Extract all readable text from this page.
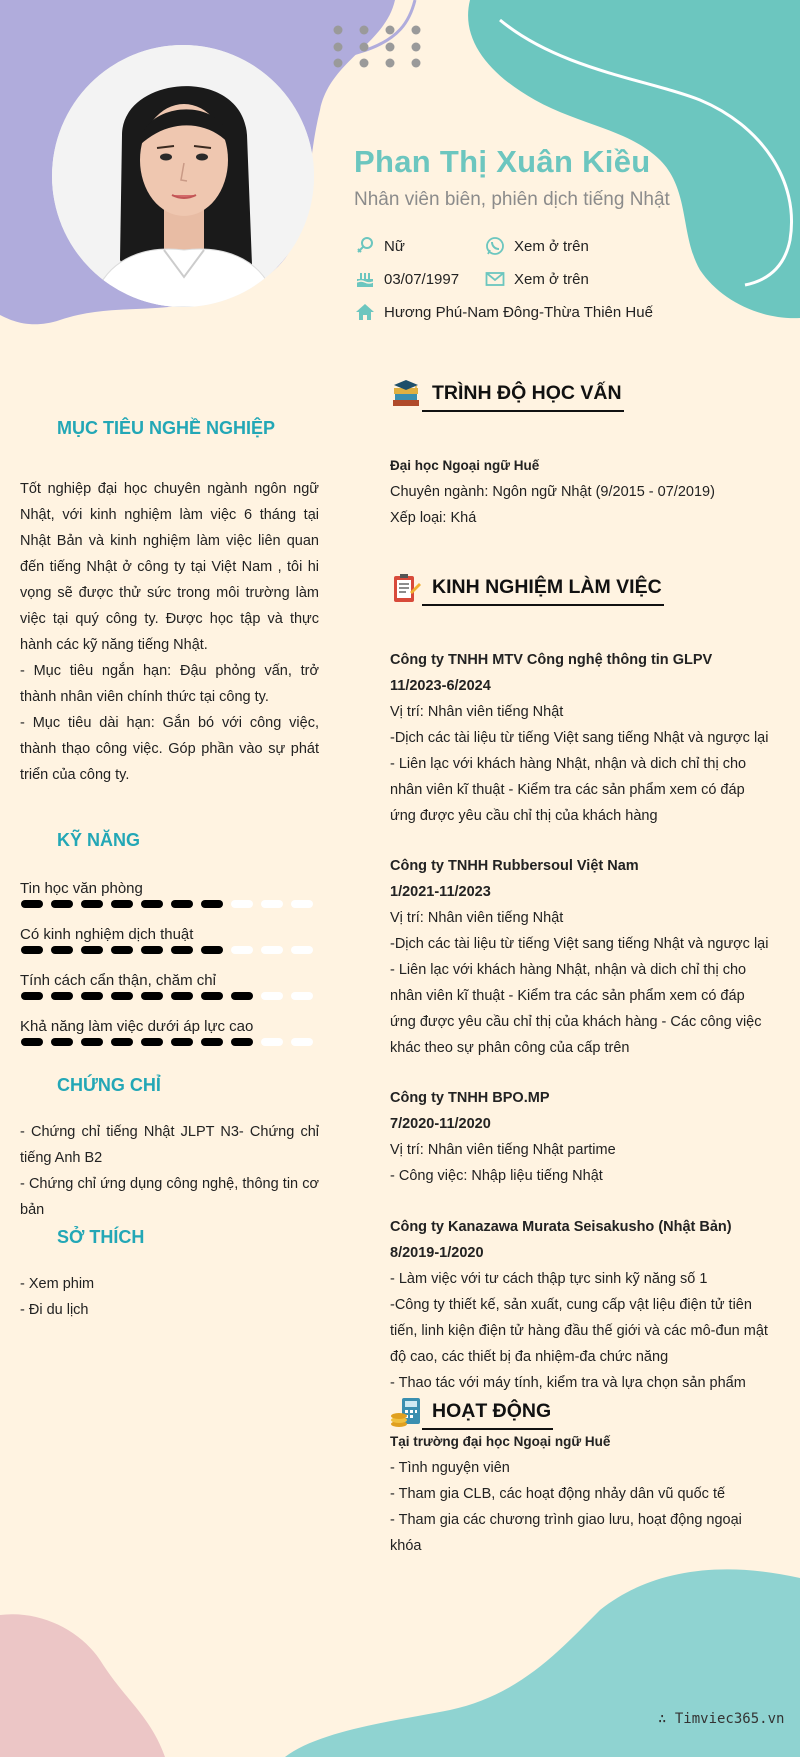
Phan Thị Xuân Kiều
Nhân viên biên, phiên dịch tiếng Nhật
Nữ	Xem ở trên
03/07/1997	Xem ở trên
Hương Phú-Nam Đông-Thừa Thiên Huế
MỤC TIÊU NGHỀ NGHIỆP

Tốt nghiệp đại học chuyên ngành ngôn ngữ Nhật, với kinh nghiệm làm việc 6 tháng tại Nhật Bản và kinh nghiệm làm việc liên quan đến tiếng Nhật ở công ty tại Việt Nam , tôi hi vọng sẽ được thử sức trong môi trường làm việc tại quý công ty. Được học tập và thực hành các kỹ năng tiếng Nhật.

- Mục tiêu ngắn hạn: Đậu phỏng vấn, trở thành nhân viên chính thức tại công ty.

- Mục tiêu dài hạn: Gắn bó với công việc, thành thạo công việc. Góp phần vào sự phát triển của công ty.

KỸ NĂNG
Tin học văn phòng
Có kinh nghiệm dịch thuật
Tính cách cẩn thận, chăm chỉ
Khả năng làm việc dưới áp lực cao
CHỨNG CHỈ

- Chứng chỉ tiếng Nhật JLPT N3- Chứng chỉ tiếng Anh B2

- Chứng chỉ ứng dụng công nghệ, thông tin cơ bản

SỞ THÍCH

- Xem phim

- Đi du lịch

TRÌNH ĐỘ HỌC VẤN

Đại học Ngoại ngữ Huế

Chuyên ngành: Ngôn ngữ Nhật (9/2015 - 07/2019)

Xếp loại: Khá

KINH NGHIỆM LÀM VIỆC

Công ty TNHH MTV Công nghệ thông tin GLPV

11/2023-6/2024

Vị trí: Nhân viên tiếng Nhật

-Dịch các tài liệu từ tiếng Việt sang tiếng Nhật và ngược lại - Liên lạc với khách hàng Nhật, nhận và dich chỉ thị cho nhân viên kĩ thuật - Kiểm tra các sản phẩm xem có đáp ứng được yêu cầu chỉ thị của khách hàng

Công ty TNHH Rubbersoul Việt Nam

1/2021-11/2023

Vị trí: Nhân viên tiếng Nhật

-Dịch các tài liệu từ tiếng Việt sang tiếng Nhật và ngược lại - Liên lạc với khách hàng Nhật, nhận và dich chỉ thị cho nhân viên kĩ thuật - Kiểm tra các sản phẩm xem có đáp ứng được yêu cầu chỉ thị của khách hàng - Các công việc khác theo sự phân công của cấp trên

Công ty TNHH BPO.MP

7/2020-11/2020

Vị trí: Nhân viên tiếng Nhật partime

- Công việc: Nhập liệu tiếng Nhật

Công ty Kanazawa Murata Seisakusho (Nhật Bản)

8/2019-1/2020

- Làm việc với tư cách thập tực sinh kỹ năng số 1

-Công ty thiết kế, sản xuất, cung cấp vật liệu điện tử tiên tiến, linh kiện điện tử hàng đầu thế giới và các mô-đun mật độ cao, các thiết bị đa nhiệm-đa chức năng

- Thao tác với máy tính, kiểm tra và lựa chọn sản phẩm

HOẠT ĐỘNG

Tại trường đại học Ngoại ngữ Huế

- Tình nguyện viên

- Tham gia CLB, các hoạt động nhảy dân vũ quốc tế

- Tham gia các chương trình giao lưu, hoạt động ngoại khóa

∴ Timviec365.vn
